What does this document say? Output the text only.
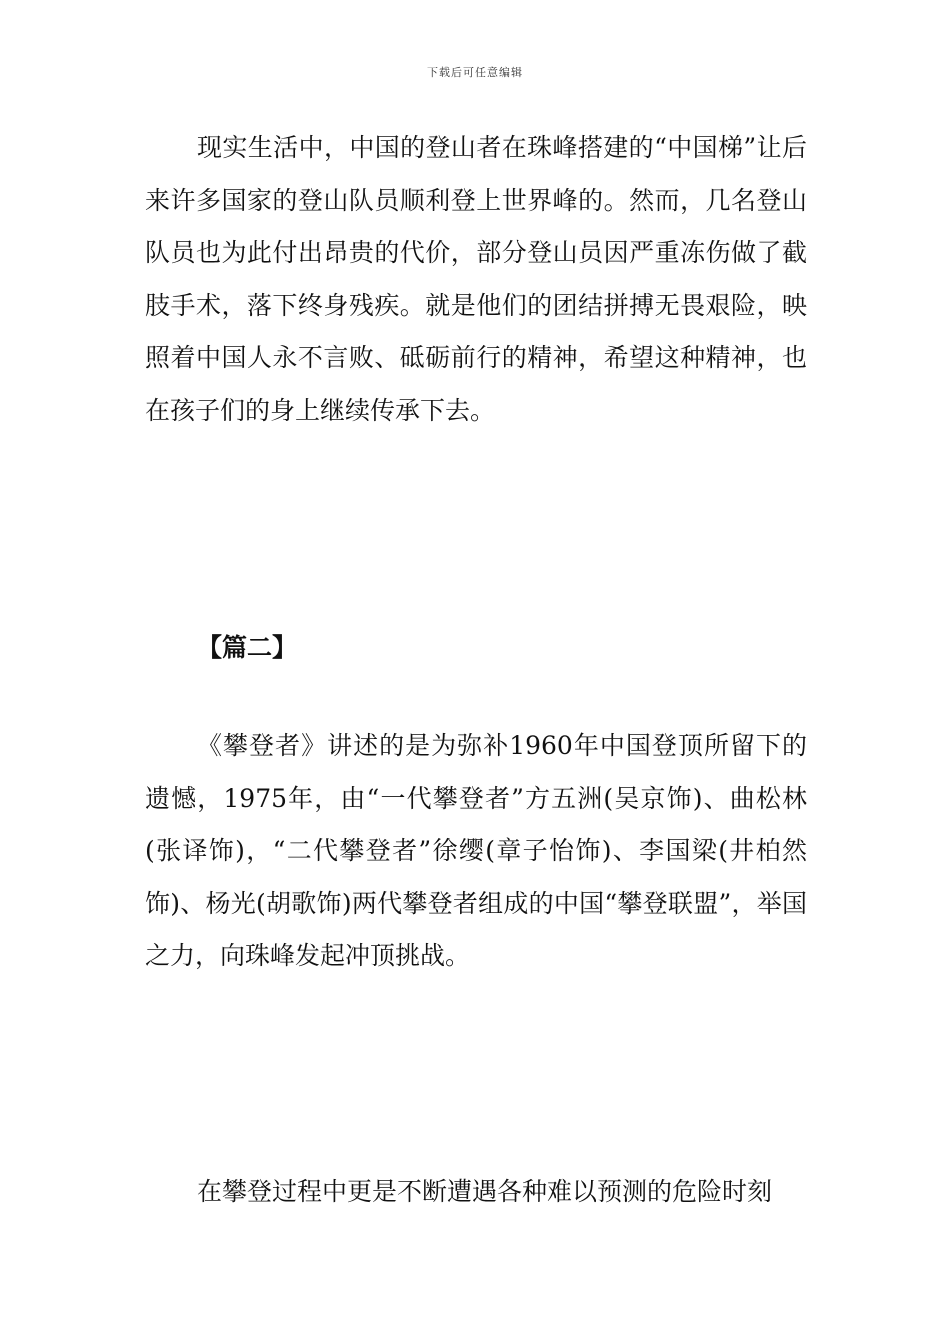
下载后可任意编辑

现实生活中，中国的登山者在珠峰搭建的“中国梯”让后来许多国家的登山队员顺利登上世界峰的。然而，几名登山队员也为此付出昂贵的代价，部分登山员因严重冻伤做了截肢手术，落下终身残疾。就是他们的团结拼搏无畏艰险，映照着中国人永不言败、砥砺前行的精神，希望这种精神，也在孩子们的身上继续传承下去。

【篇二】

《攀登者》讲述的是为弥补1960年中国登顶所留下的遗憾，1975年，由“一代攀登者”方五洲(吴京饰)、曲松林(张译饰)，“二代攀登者”徐缨(章子怡饰)、李国梁(井柏然饰)、杨光(胡歌饰)两代攀登者组成的中国“攀登联盟”，举国之力，向珠峰发起冲顶挑战。

在攀登过程中更是不断遭遇各种难以预测的危险时刻
